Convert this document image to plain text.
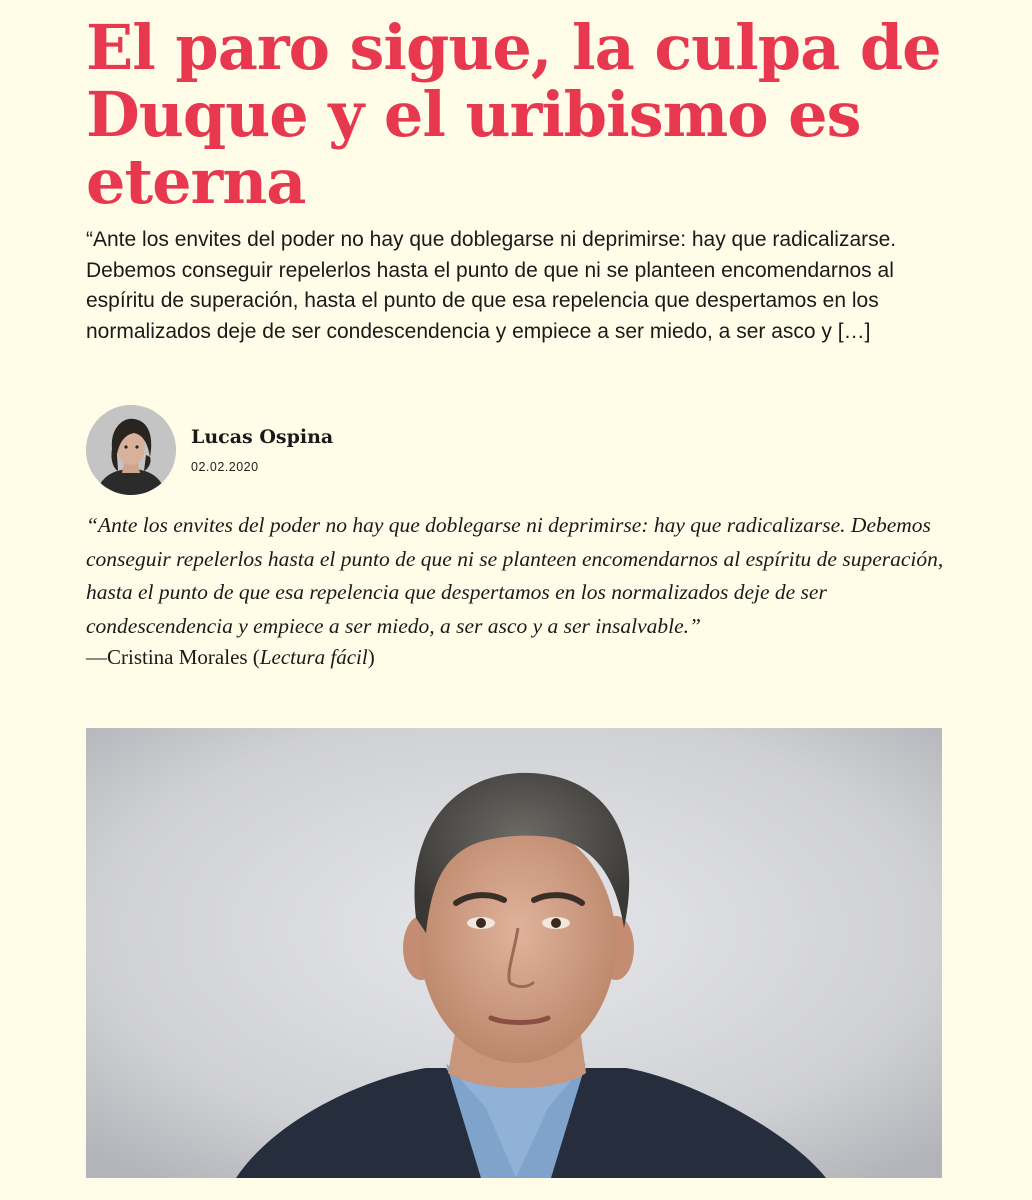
El paro sigue, la culpa de Duque y el uribismo es eterna

“Ante los envites del poder no hay que doblegarse ni deprimirse: hay que radicalizarse. Debemos conseguir repelerlos hasta el punto de que ni se planteen encomendarnos al espíritu de superación, hasta el punto de que esa repelencia que despertamos en los normalizados deje de ser condescendencia y empiece a ser miedo, a ser asco y […]

Lucas Ospina
02.02.2020

“Ante los envites del poder no hay que doblegarse ni deprimirse: hay que radicalizarse. Debemos conseguir repelerlos hasta el punto de que ni se planteen encomendarnos al espíritu de superación, hasta el punto de que esa repelencia que despertamos en los normalizados deje de ser condescendencia y empiece a ser miedo, a ser asco y a ser insalvable.”

—Cristina Morales (Lectura fácil)
